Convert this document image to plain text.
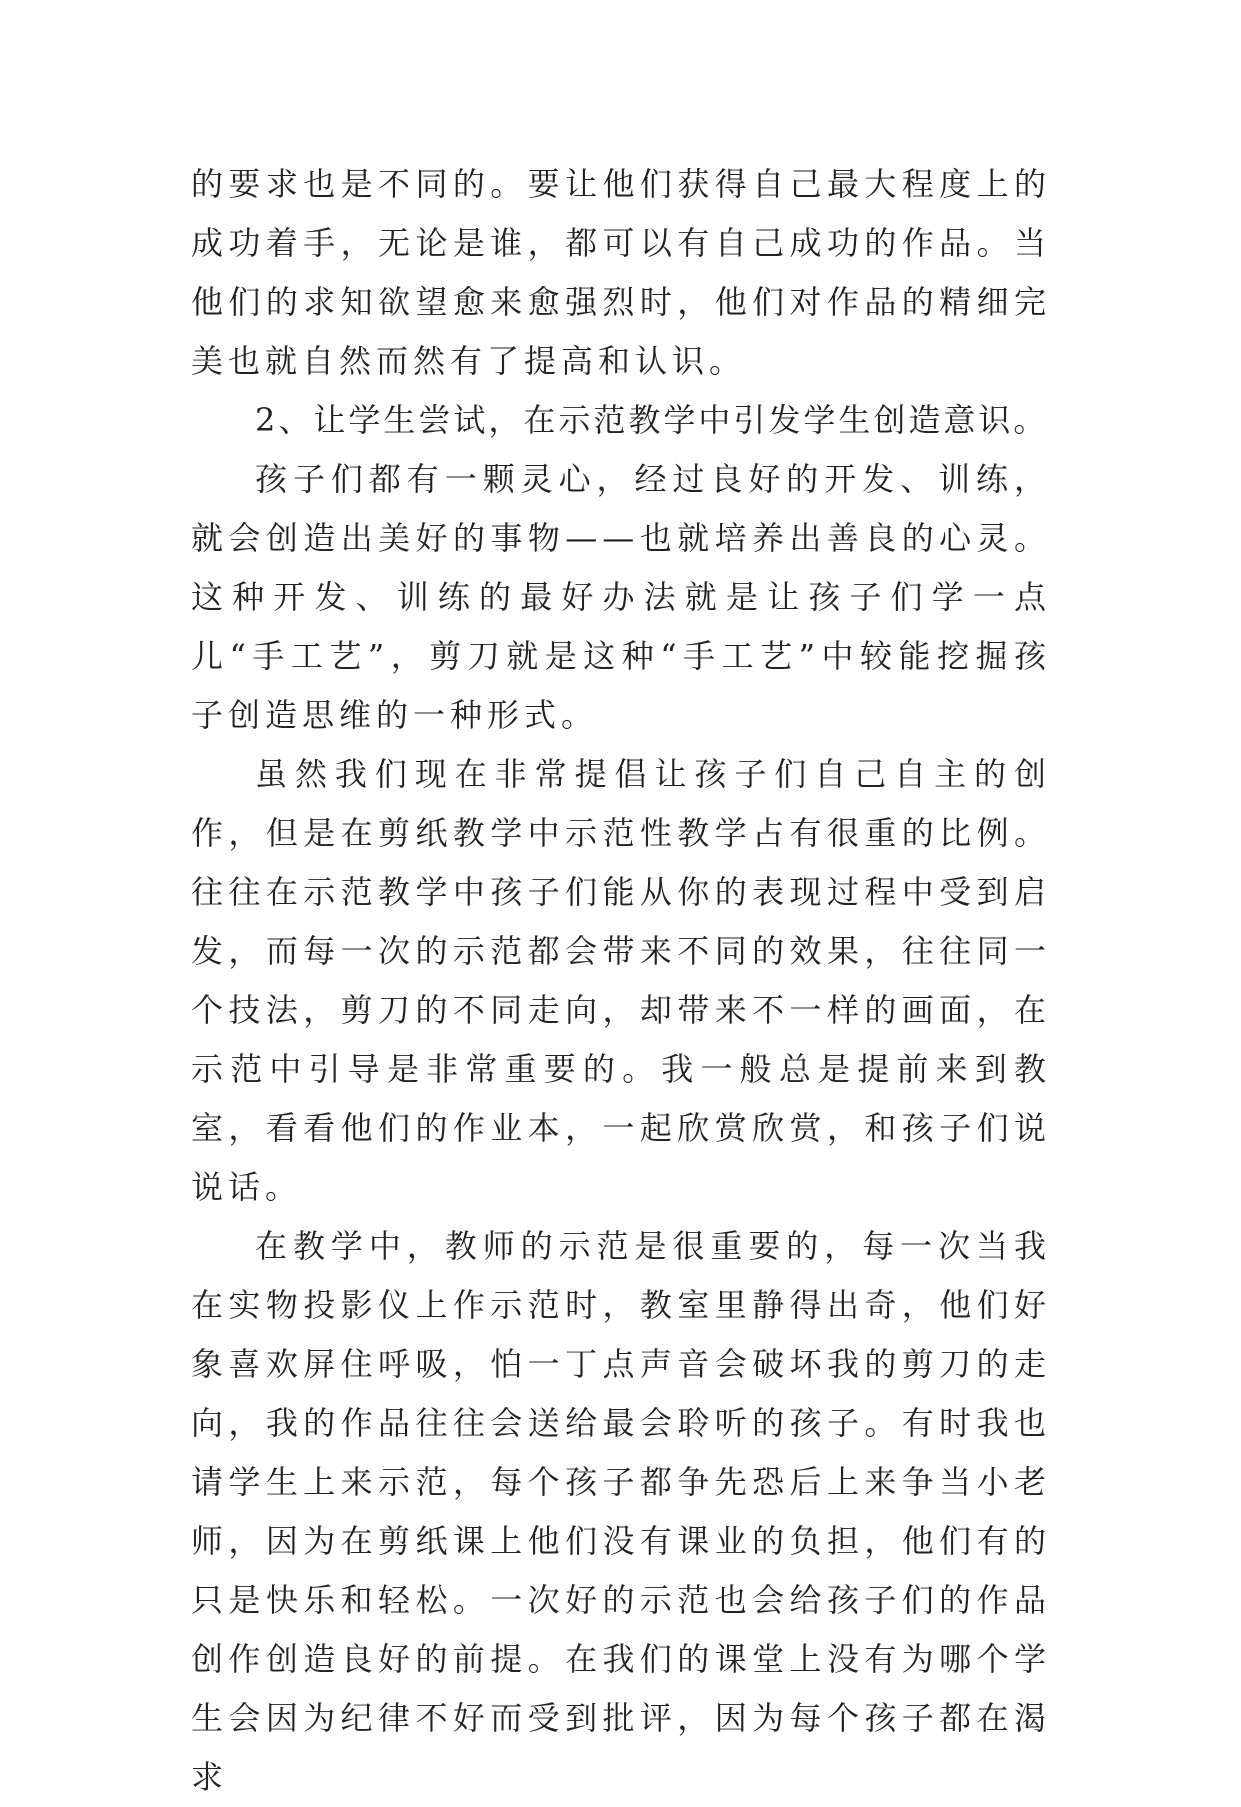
的要求也是不同的。要让他们获得自己最大程度上的成功着手，无论是谁，都可以有自己成功的作品。当他们的求知欲望愈来愈强烈时，他们对作品的精细完美也就自然而然有了提高和认识。

2、让学生尝试，在示范教学中引发学生创造意识。

孩子们都有一颗灵心，经过良好的开发、训练，就会创造出美好的事物——也就培养出善良的心灵。这种开发、训练的最好办法就是让孩子们学一点儿“手工艺”，剪刀就是这种“手工艺”中较能挖掘孩子创造思维的一种形式。

虽然我们现在非常提倡让孩子们自己自主的创作，但是在剪纸教学中示范性教学占有很重的比例。往往在示范教学中孩子们能从你的表现过程中受到启发，而每一次的示范都会带来不同的效果，往往同一个技法，剪刀的不同走向，却带来不一样的画面，在示范中引导是非常重要的。我一般总是提前来到教室，看看他们的作业本，一起欣赏欣赏，和孩子们说说话。

在教学中，教师的示范是很重要的，每一次当我在实物投影仪上作示范时，教室里静得出奇，他们好象喜欢屏住呼吸，怕一丁点声音会破坏我的剪刀的走向，我的作品往往会送给最会聆听的孩子。有时我也请学生上来示范，每个孩子都争先恐后上来争当小老师，因为在剪纸课上他们没有课业的负担，他们有的只是快乐和轻松。一次好的示范也会给孩子们的作品创作创造良好的前提。在我们的课堂上没有为哪个学生会因为纪律不好而受到批评，因为每个孩子都在渴求
